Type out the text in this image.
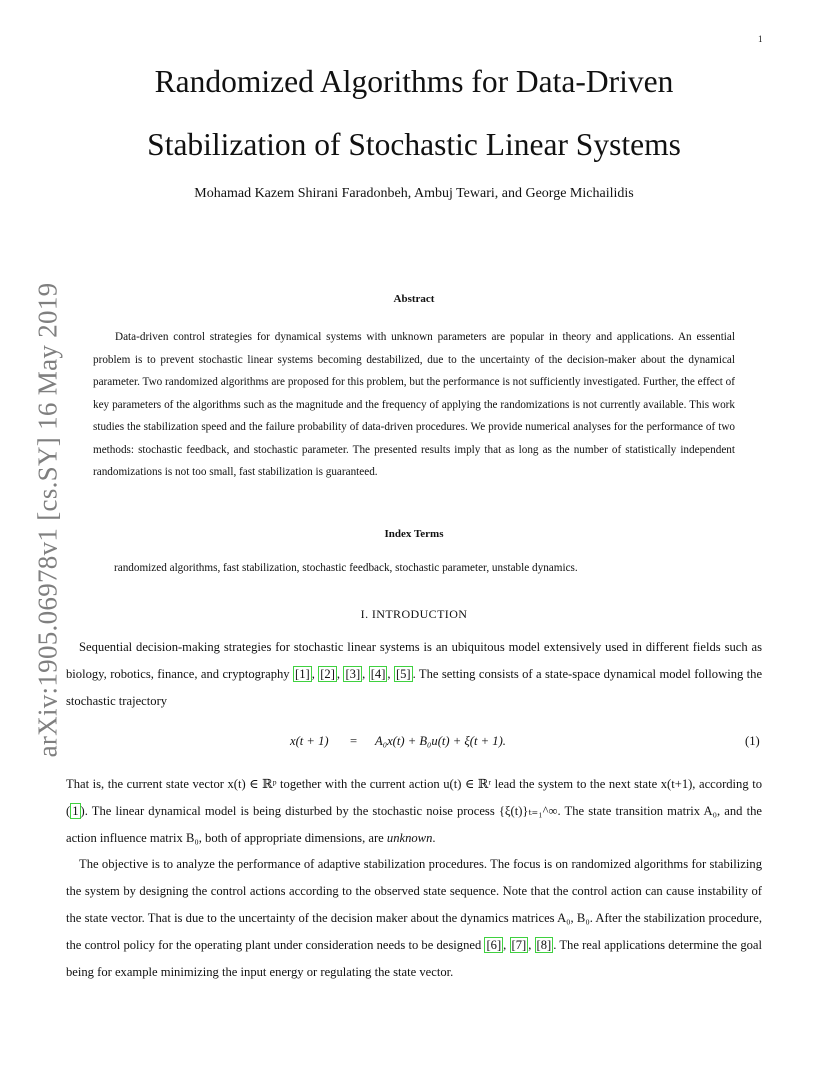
1
arXiv:1905.06978v1 [cs.SY] 16 May 2019
Randomized Algorithms for Data-Driven
Stabilization of Stochastic Linear Systems
Mohamad Kazem Shirani Faradonbeh, Ambuj Tewari, and George Michailidis
Abstract

Data-driven control strategies for dynamical systems with unknown parameters are popular in theory and applications. An essential problem is to prevent stochastic linear systems becoming destabilized, due to the uncertainty of the decision-maker about the dynamical parameter. Two randomized algorithms are proposed for this problem, but the performance is not sufficiently investigated. Further, the effect of key parameters of the algorithms such as the magnitude and the frequency of applying the randomizations is not currently available. This work studies the stabilization speed and the failure probability of data-driven procedures. We provide numerical analyses for the performance of two methods: stochastic feedback, and stochastic parameter. The presented results imply that as long as the number of statistically independent randomizations is not too small, fast stabilization is guaranteed.

Index Terms
randomized algorithms, fast stabilization, stochastic feedback, stochastic parameter, unstable dynamics.
I. INTRODUCTION

Sequential decision-making strategies for stochastic linear systems is an ubiquitous model extensively used in different fields such as biology, robotics, finance, and cryptography [1] , [2] , [3] , [4] , [5] . The setting consists of a state-space dynamical model following the stochastic trajectory

x(t + 1) = A₀x(t) + B₀u(t) + ξ(t + 1).	(1)

That is, the current state vector x(t) ∈ ℝᵖ together with the current action u(t) ∈ ℝʳ lead the system to the next state x(t+1), according to ( 1 ). The linear dynamical model is being disturbed by the stochastic noise process {ξ(t)}ₜ₌₁^∞. The state transition matrix A₀, and the action influence matrix B₀, both of appropriate dimensions, are unknown.

The objective is to analyze the performance of adaptive stabilization procedures. The focus is on randomized algorithms for stabilizing the system by designing the control actions according to the observed state sequence. Note that the control action can cause instability of the state vector. That is due to the uncertainty of the decision maker about the dynamics matrices A₀, B₀. After the stabilization procedure, the control policy for the operating plant under consideration needs to be designed [6] , [7] , [8] . The real applications determine the goal being for example minimizing the input energy or regulating the state vector.
